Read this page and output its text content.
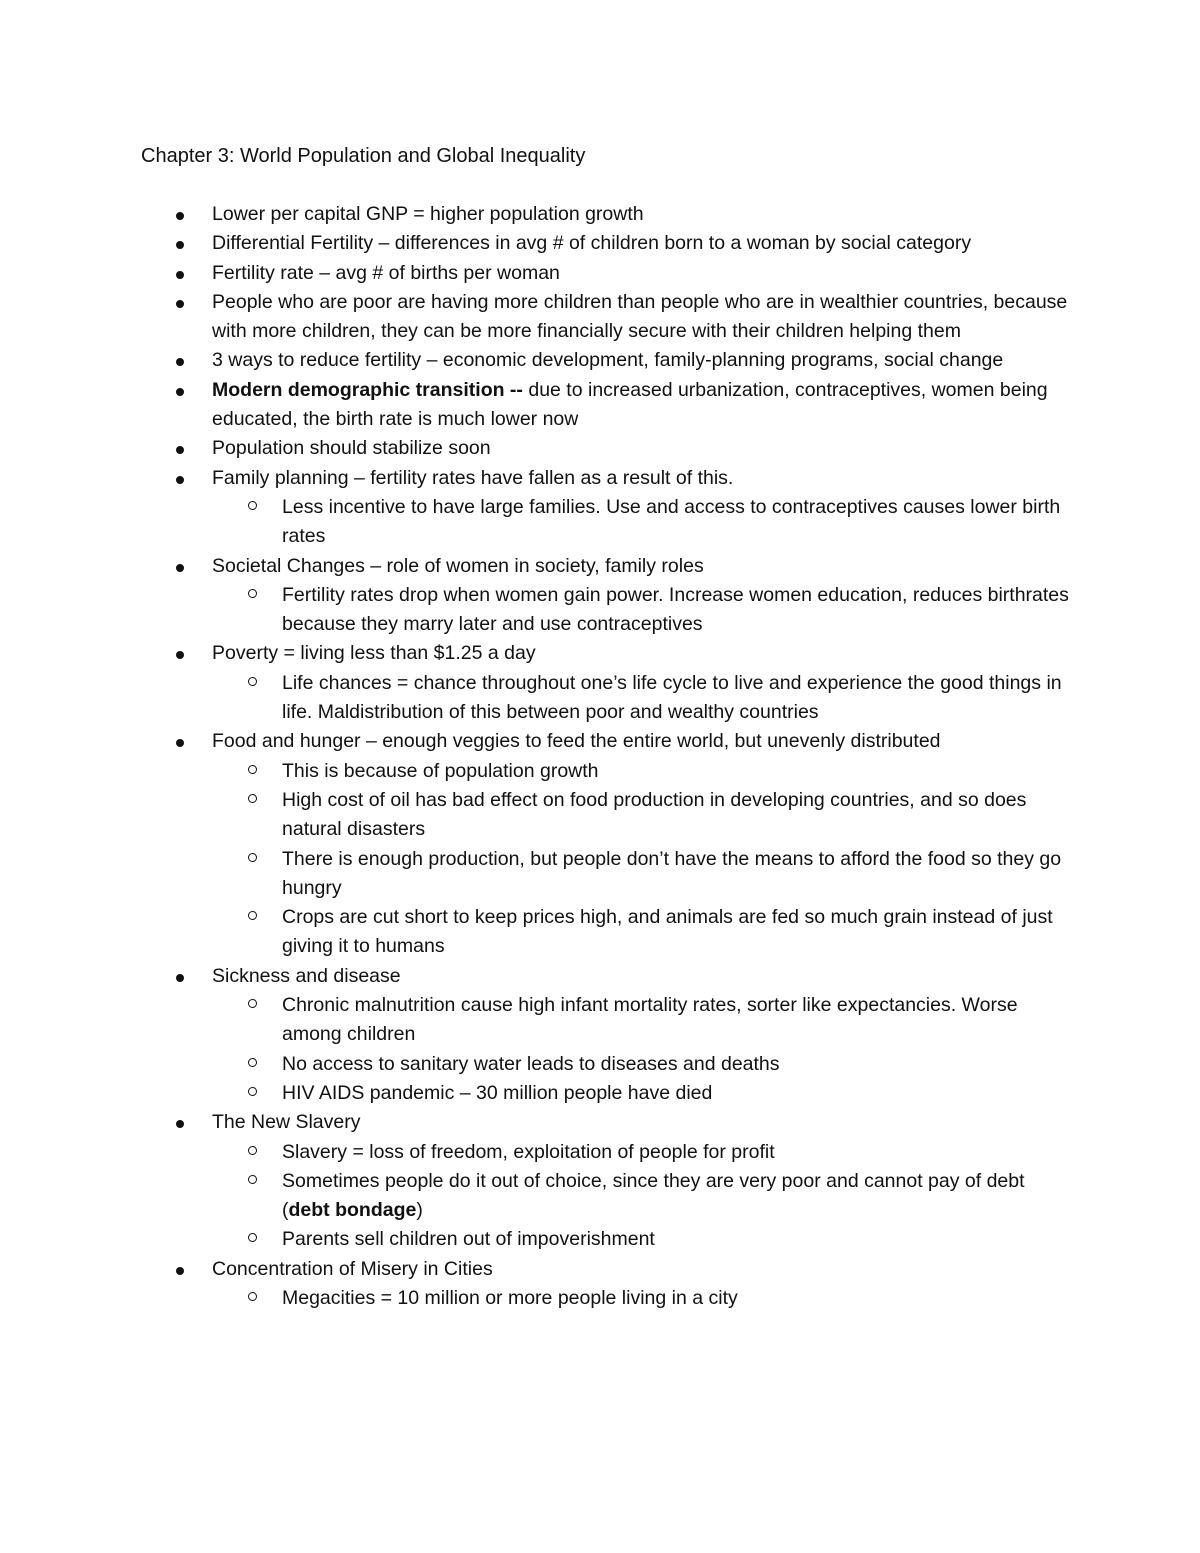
Chapter 3: World Population and Global Inequality
Lower per capital GNP = higher population growth
Differential Fertility – differences in avg # of children born to a woman by social category
Fertility rate – avg # of births per woman
People who are poor are having more children than people who are in wealthier countries, because with more children, they can be more financially secure with their children helping them
3 ways to reduce fertility – economic development, family-planning programs, social change
Modern demographic transition -- due to increased urbanization, contraceptives, women being educated, the birth rate is much lower now
Population should stabilize soon
Family planning – fertility rates have fallen as a result of this.
Less incentive to have large families. Use and access to contraceptives causes lower birth rates
Societal Changes – role of women in society, family roles
Fertility rates drop when women gain power. Increase women education, reduces birthrates because they marry later and use contraceptives
Poverty = living less than $1.25 a day
Life chances = chance throughout one’s life cycle to live and experience the good things in life. Maldistribution of this between poor and wealthy countries
Food and hunger – enough veggies to feed the entire world, but unevenly distributed
This is because of population growth
High cost of oil has bad effect on food production in developing countries, and so does natural disasters
There is enough production, but people don’t have the means to afford the food so they go hungry
Crops are cut short to keep prices high, and animals are fed so much grain instead of just giving it to humans
Sickness and disease
Chronic malnutrition cause high infant mortality rates, sorter like expectancies. Worse among children
No access to sanitary water leads to diseases and deaths
HIV AIDS pandemic – 30 million people have died
The New Slavery
Slavery = loss of freedom, exploitation of people for profit
Sometimes people do it out of choice, since they are very poor and cannot pay of debt (debt bondage)
Parents sell children out of impoverishment
Concentration of Misery in Cities
Megacities = 10 million or more people living in a city
